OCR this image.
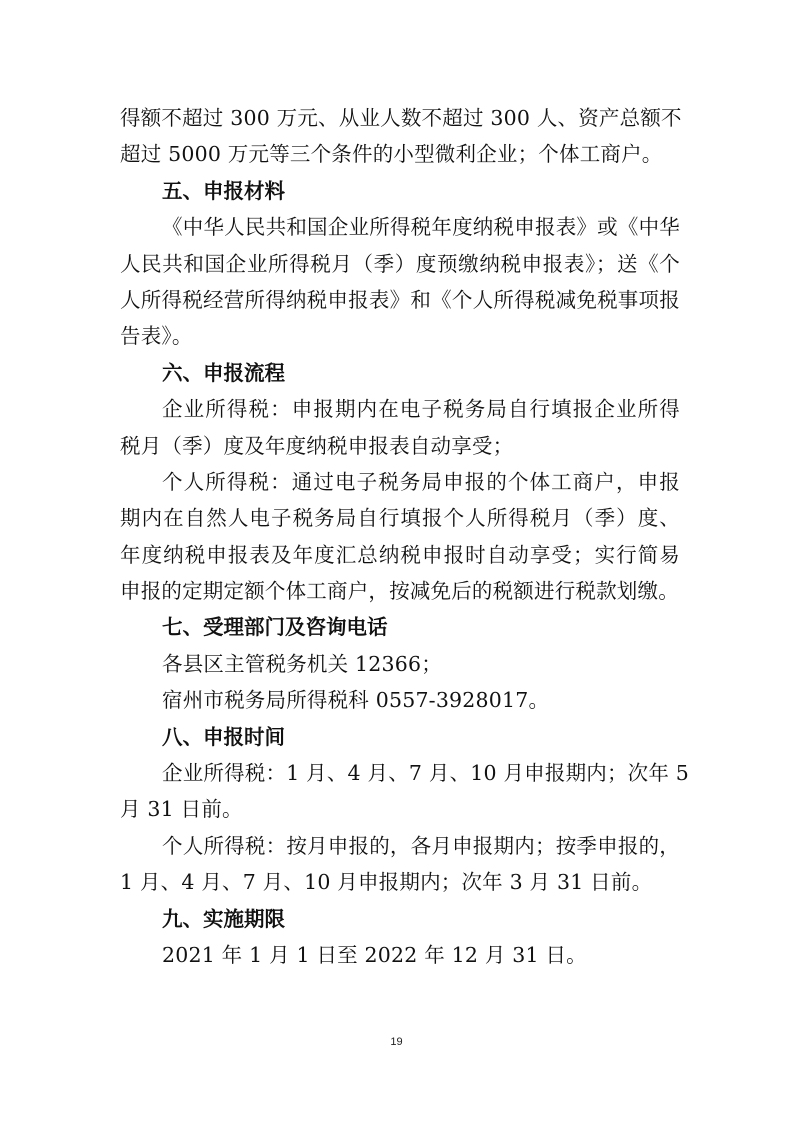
得额不超过 300 万元、从业人数不超过 300 人、资产总额不
超过 5000 万元等三个条件的小型微利企业；个体工商户。
五、申报材料
《中华人民共和国企业所得税年度纳税申报表》或《中华
人民共和国企业所得税月（季）度预缴纳税申报表》；送《个
人所得税经营所得纳税申报表》和《个人所得税减免税事项报
告表》。
六、申报流程
企业所得税：申报期内在电子税务局自行填报企业所得
税月（季）度及年度纳税申报表自动享受；
个人所得税：通过电子税务局申报的个体工商户，申报
期内在自然人电子税务局自行填报个人所得税月（季）度、
年度纳税申报表及年度汇总纳税申报时自动享受；实行简易
申报的定期定额个体工商户，按减免后的税额进行税款划缴。
七、受理部门及咨询电话
各县区主管税务机关 12366；
宿州市税务局所得税科 0557-3928017。
八、申报时间
企业所得税：1 月、4 月、7 月、10 月申报期内；次年 5
月 31 日前。
个人所得税：按月申报的，各月申报期内；按季申报的，
1 月、4 月、7 月、10 月申报期内；次年 3 月 31 日前。
九、实施期限
2021 年 1 月 1 日至 2022 年 12 月 31 日。
19
